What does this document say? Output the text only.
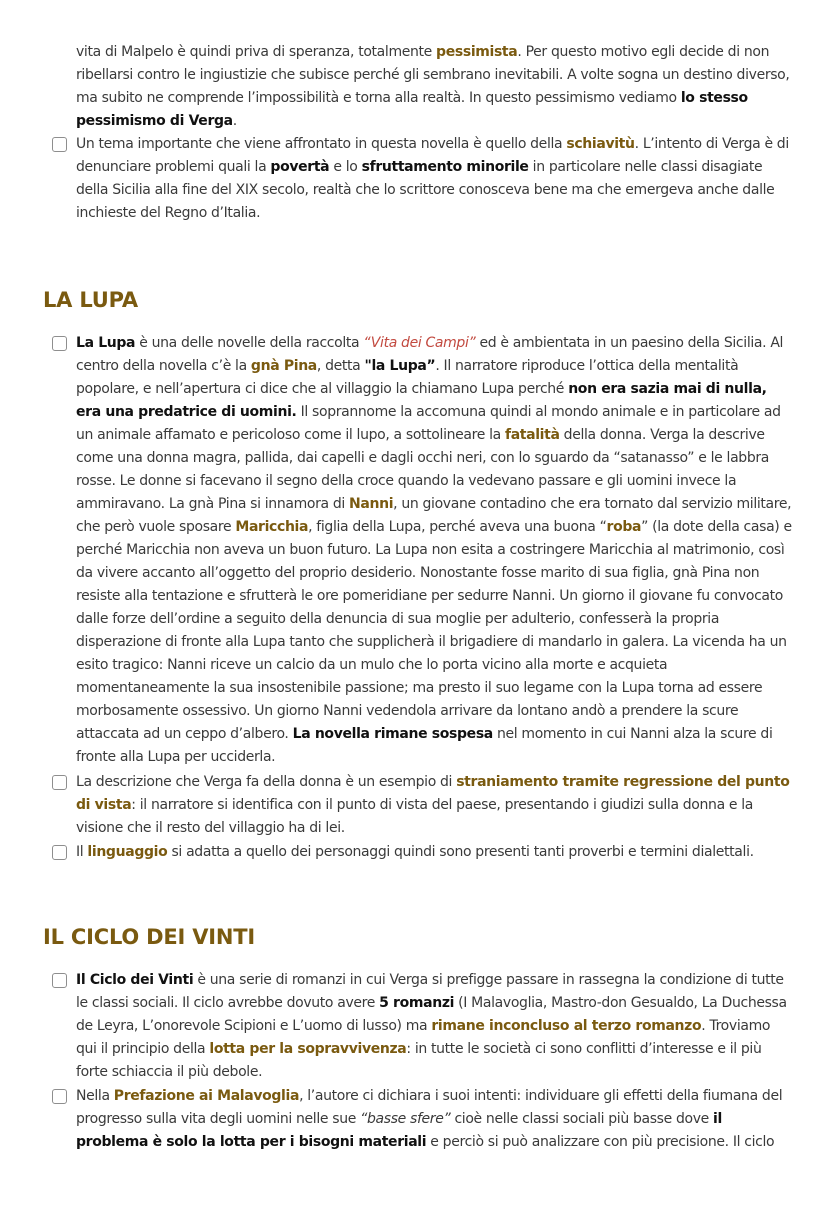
vita di Malpelo è quindi priva di speranza, totalmente pessimista. Per questo motivo egli decide di non ribellarsi contro le ingiustizie che subisce perché gli sembrano inevitabili. A volte sogna un destino diverso, ma subito ne comprende l’impossibilità e torna alla realtà. In questo pessimismo vediamo lo stesso pessimismo di Verga.
Un tema importante che viene affrontato in questa novella è quello della schiavitù. L’intento di Verga è di denunciare problemi quali la povertà e lo sfruttamento minorile in particolare nelle classi disagiate della Sicilia alla fine del XIX secolo, realtà che lo scrittore conosceva bene ma che emergeva anche dalle inchieste del Regno d’Italia.
LA LUPA
La Lupa è una delle novelle della raccolta “Vita dei Campi” ed è ambientata in un paesino della Sicilia. Al centro della novella c’è la gnà Pina, detta "la Lupa”. Il narratore riproduce l’ottica della mentalità popolare, e nell’apertura ci dice che al villaggio la chiamano Lupa perché non era sazia mai di nulla, era una predatrice di uomini. Il soprannome la accomuna quindi al mondo animale e in particolare ad un animale affamato e pericoloso come il lupo, a sottolineare la fatalità della donna. Verga la descrive come una donna magra, pallida, dai capelli e dagli occhi neri, con lo sguardo da “satanasso” e le labbra rosse. Le donne si facevano il segno della croce quando la vedevano passare e gli uomini invece la ammiravano. La gnà Pina si innamora di Nanni, un giovane contadino che era tornato dal servizio militare, che però vuole sposare Maricchia, figlia della Lupa, perché aveva una buona “roba” (la dote della casa) e perché Maricchia non aveva un buon futuro. La Lupa non esita a costringere Maricchia al matrimonio, così da vivere accanto all’oggetto del proprio desiderio. Nonostante fosse marito di sua figlia, gnà Pina non resiste alla tentazione e sfrutterà le ore pomeridiane per sedurre Nanni. Un giorno il giovane fu convocato dalle forze dell’ordine a seguito della denuncia di sua moglie per adulterio, confesserà la propria disperazione di fronte alla Lupa tanto che supplicherà il brigadiere di mandarlo in galera. La vicenda ha un esito tragico: Nanni riceve un calcio da un mulo che lo porta vicino alla morte e acquieta momentaneamente la sua insostenibile passione; ma presto il suo legame con la Lupa torna ad essere morbosamente ossessivo. Un giorno Nanni vedendola arrivare da lontano andò a prendere la scure attaccata ad un ceppo d’albero. La novella rimane sospesa nel momento in cui Nanni alza la scure di fronte alla Lupa per ucciderla.
La descrizione che Verga fa della donna è un esempio di straniamento tramite regressione del punto di vista: il narratore si identifica con il punto di vista del paese, presentando i giudizi sulla donna e la visione che il resto del villaggio ha di lei.
Il linguaggio si adatta a quello dei personaggi quindi sono presenti tanti proverbi e termini dialettali.
IL CICLO DEI VINTI
Il Ciclo dei Vinti è una serie di romanzi in cui Verga si prefigge passare in rassegna la condizione di tutte le classi sociali. Il ciclo avrebbe dovuto avere 5 romanzi (I Malavoglia, Mastro-don Gesualdo, La Duchessa de Leyra, L’onorevole Scipioni e L’uomo di lusso) ma rimane inconcluso al terzo romanzo. Troviamo qui il principio della lotta per la sopravvivenza: in tutte le società ci sono conflitti d’interesse e il più forte schiaccia il più debole.
Nella Prefazione ai Malavoglia, l’autore ci dichiara i suoi intenti: individuare gli effetti della fiumana del progresso sulla vita degli uomini nelle sue “basse sfere” cioè nelle classi sociali più basse dove il problema è solo la lotta per i bisogni materiali e perciò si può analizzare con più precisione. Il ciclo
